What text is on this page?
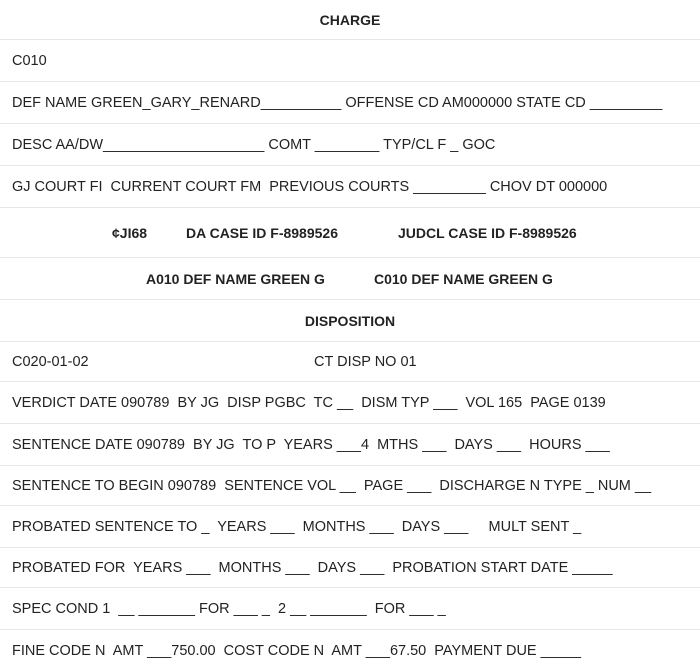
CHARGE

C010

DEF NAME GREEN_GARY_RENARD__________ OFFENSE CD AM000000 STATE CD _________

DESC AA/DW____________________ COMT ________ TYP/CL F _ GOC

GJ COURT FI  CURRENT COURT FM  PREVIOUS COURTS _________ CHOV DT 000000

¢JI68

	DA CASE ID F-8989526

	JUDCL CASE ID F-8989526

A010 DEF NAME GREEN G

	C010 DEF NAME GREEN G

DISPOSITION

C020-01-02

	CT DISP NO 01

VERDICT DATE 090789  BY JG  DISP PGBC  TC __  DISM TYP ___  VOL 165  PAGE 0139

SENTENCE DATE 090789  BY JG  TO P  YEARS ___4  MTHS ___  DAYS ___  HOURS ___

SENTENCE TO BEGIN 090789  SENTENCE VOL __  PAGE ___  DISCHARGE N TYPE _ NUM __

PROBATED SENTENCE TO _  YEARS ___  MONTHS ___  DAYS ___     MULT SENT _

PROBATED FOR  YEARS ___  MONTHS ___  DAYS ___  PROBATION START DATE _____

SPEC COND 1  __ _______ FOR ___ _  2 __ _______  FOR ___ _

FINE CODE N  AMT ___750.00  COST CODE N  AMT ___67.50  PAYMENT DUE _____
